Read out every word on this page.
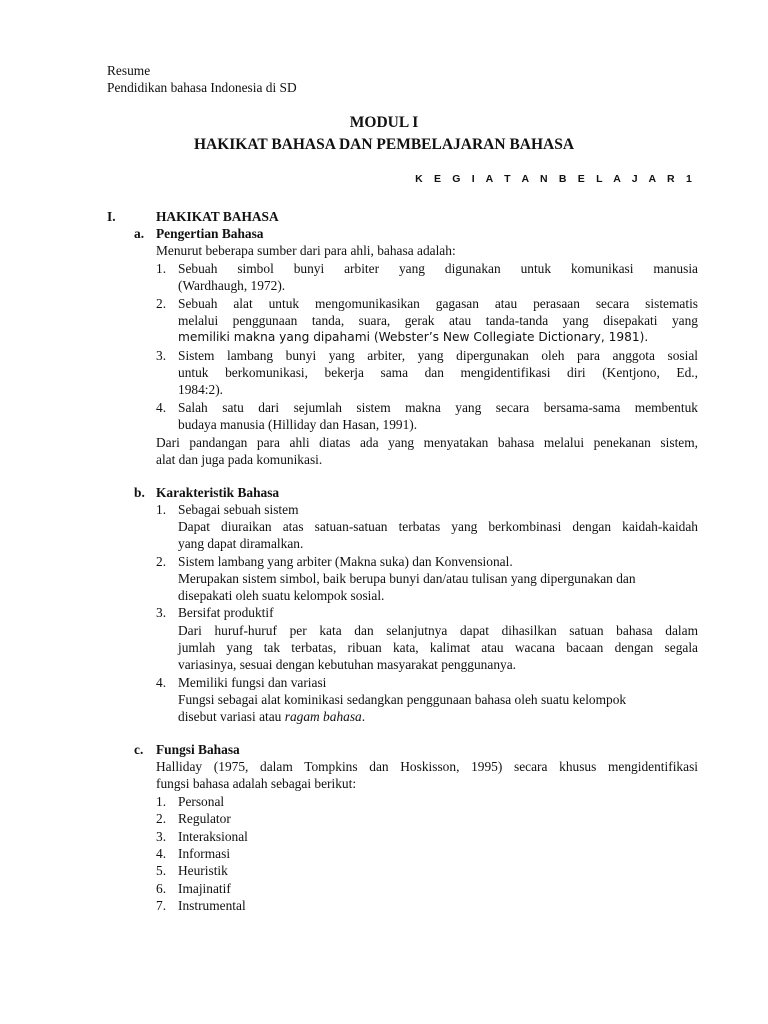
Resume
Pendidikan bahasa Indonesia di SD
MODUL I
HAKIKAT BAHASA DAN PEMBELAJARAN BAHASA
K E G I A T A N B E L A J A R 1
I.	HAKIKAT BAHASA
a. Pengertian Bahasa
Menurut beberapa sumber dari para ahli, bahasa adalah:
1. Sebuah simbol bunyi arbiter yang digunakan untuk komunikasi manusia
(Wardhaugh, 1972).
2. Sebuah alat untuk mengomunikasikan gagasan atau perasaan secara sistematis
melalui penggunaan tanda, suara, gerak atau tanda-tanda yang disepakati yang
memiliki makna yang dipahami (Webster’s New Collegiate Dictionary, 1981).
3. Sistem lambang bunyi yang arbiter, yang dipergunakan oleh para anggota sosial
untuk berkomunikasi, bekerja sama dan mengidentifikasi diri (Kentjono, Ed.,
1984:2).
4. Salah satu dari sejumlah sistem makna yang secara bersama-sama membentuk
budaya manusia (Hilliday dan Hasan, 1991).
Dari pandangan para ahli diatas ada yang menyatakan bahasa melalui penekanan sistem,
alat dan juga pada komunikasi.
b. Karakteristik Bahasa
1. Sebagai sebuah sistem
Dapat diuraikan atas satuan-satuan terbatas yang berkombinasi dengan kaidah-kaidah
yang dapat diramalkan.
2. Sistem lambang yang arbiter (Makna suka) dan Konvensional.
Merupakan sistem simbol, baik berupa bunyi dan/atau tulisan yang dipergunakan dan
disepakati oleh suatu kelompok sosial.
3. Bersifat produktif
Dari huruf-huruf per kata dan selanjutnya dapat dihasilkan satuan bahasa dalam
jumlah yang tak terbatas, ribuan kata, kalimat atau wacana bacaan dengan segala
variasinya, sesuai dengan kebutuhan masyarakat penggunanya.
4. Memiliki fungsi dan variasi
Fungsi sebagai alat kominikasi sedangkan penggunaan bahasa oleh suatu kelompok
disebut variasi atau ragam bahasa.
c. Fungsi Bahasa
Halliday (1975, dalam Tompkins dan Hoskisson, 1995) secara khusus mengidentifikasi
fungsi bahasa adalah sebagai berikut:
1. Personal
2. Regulator
3. Interaksional
4. Informasi
5. Heuristik
6. Imajinatif
7. Instrumental
